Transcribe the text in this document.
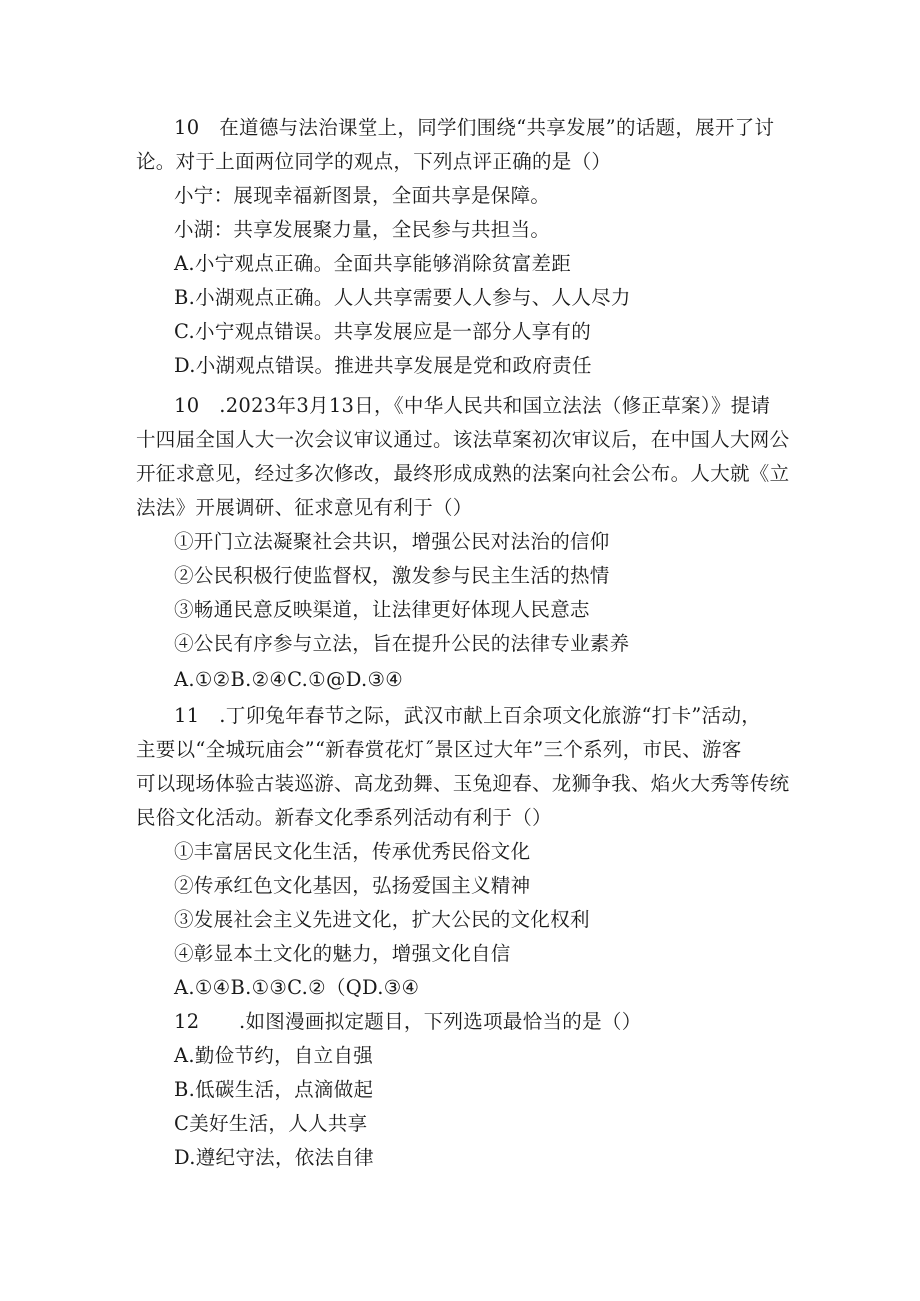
10　在道德与法治课堂上，同学们围绕“共享发展”的话题，展开了讨
论。对于上面两位同学的观点，下列点评正确的是（）
小宁：展现幸福新图景，全面共享是保障。
小湖：共享发展聚力量，全民参与共担当。
A.小宁观点正确。全面共享能够消除贫富差距
B.小湖观点正确。人人共享需要人人参与、人人尽力
C.小宁观点错误。共享发展应是一部分人享有的
D.小湖观点错误。推进共享发展是党和政府责任
10　.2023年3月13日，《中华人民共和国立法法（修正草案）》提请
十四届全国人大一次会议审议通过。该法草案初次审议后，在中国人大网公
开征求意见，经过多次修改，最终形成成熟的法案向社会公布。人大就《立
法法》开展调研、征求意见有利于（）
①开门立法凝聚社会共识，增强公民对法治的信仰
②公民积极行使监督权，激发参与民主生活的热情
③畅通民意反映渠道，让法律更好体现人民意志
④公民有序参与立法，旨在提升公民的法律专业素养
A.①②B.②④C.①@D.③④
11　.丁卯兔年春节之际，武汉市献上百余项文化旅游“打卡”活动，
主要以“全城玩庙会”“新春赏花灯˝景区过大年”三个系列，市民、游客
可以现场体验古装巡游、高龙劲舞、玉兔迎春、龙狮争我、焰火大秀等传统
民俗文化活动。新春文化季系列活动有利于（）
①丰富居民文化生活，传承优秀民俗文化
②传承红色文化基因，弘扬爱国主义精神
③发展社会主义先进文化，扩大公民的文化权利
④彰显本土文化的魅力，增强文化自信
A.①④B.①③C.②（QD.③④
12　　.如图漫画拟定题目，下列选项最恰当的是（）
A.勤俭节约，自立自强
B.低碳生活，点滴做起
C美好生活，人人共享
D.遵纪守法，依法自律
